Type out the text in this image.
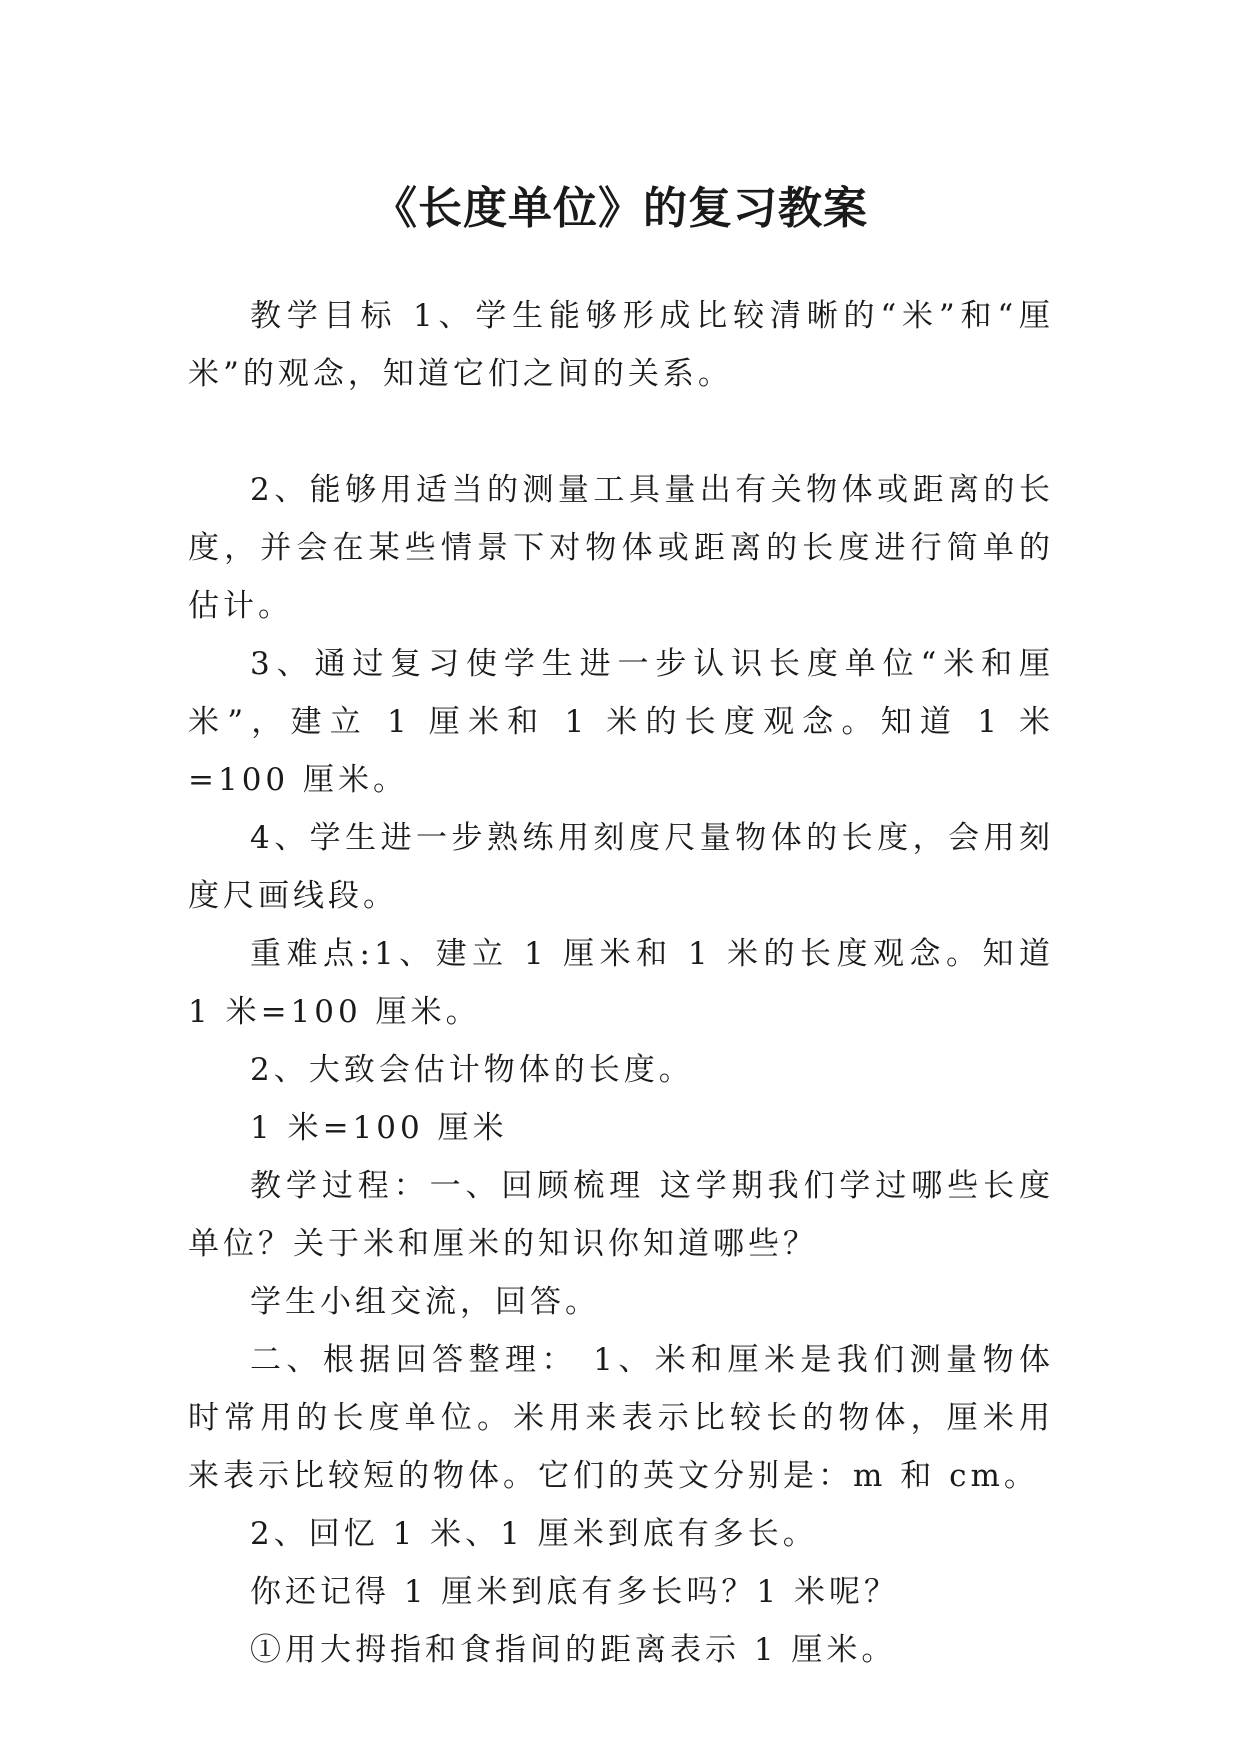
《长度单位》的复习教案

教学目标 1、学生能够形成比较清晰的“米”和“厘米”的观念，知道它们之间的关系。

2、能够用适当的测量工具量出有关物体或距离的长度，并会在某些情景下对物体或距离的长度进行简单的估计。

3、通过复习使学生进一步认识长度单位“米和厘米”，建立 1 厘米和 1 米的长度观念。知道 1 米=100 厘米。

4、学生进一步熟练用刻度尺量物体的长度，会用刻度尺画线段。

重难点:1、建立 1 厘米和 1 米的长度观念。知道 1 米=100 厘米。

2、大致会估计物体的长度。

1 米=100 厘米

教学过程：一、回顾梳理 这学期我们学过哪些长度单位？关于米和厘米的知识你知道哪些？

学生小组交流，回答。

二、根据回答整理： 1、米和厘米是我们测量物体时常用的长度单位。米用来表示比较长的物体，厘米用来表示比较短的物体。它们的英文分别是：m 和 cm。

2、回忆 1 米、1 厘米到底有多长。

你还记得 1 厘米到底有多长吗？1 米呢？

①用大拇指和食指间的距离表示 1 厘米。
